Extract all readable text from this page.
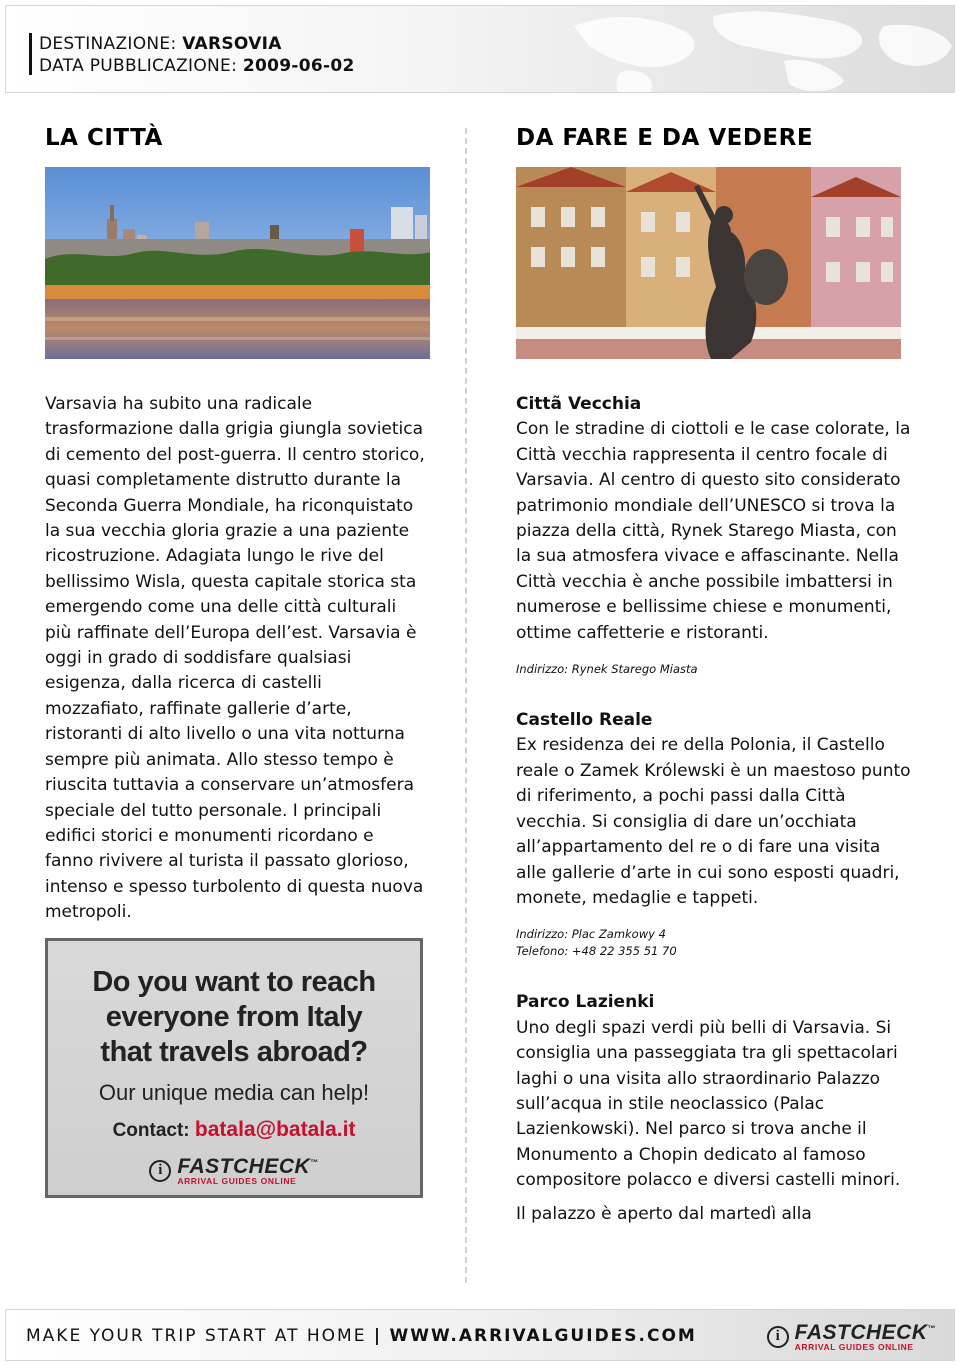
DESTINAZIONE: VARSOVIA
DATA PUBBLICAZIONE: 2009-06-02
LA CITTÀ	DA FARE E DA VEDERE
Varsavia ha subito una radicale trasformazione dalla grigia giungla sovietica di cemento del post-guerra. Il centro storico, quasi completamente distrutto durante la Seconda Guerra Mondiale, ha riconquistato la sua vecchia gloria grazie a una paziente ricostruzione. Adagiata lungo le rive del bellissimo Wisla, questa capitale storica sta emergendo come una delle città culturali più raffinate dell’Europa dell’est. Varsavia è oggi in grado di soddisfare qualsiasi esigenza, dalla ricerca di castelli mozzafiato, raffinate gallerie d’arte, ristoranti di alto livello o una vita notturna sempre più animata. Allo stesso tempo è riuscita tuttavia a conservare un’atmosfera speciale del tutto personale. I principali edifici storici e monumenti ricordano e fanno rivivere al turista il passato glorioso, intenso e spesso turbolento di questa nuova metropoli.
Do you want to reach
everyone from Italy
that travels abroad?
Our unique media can help!
Contact: batala@batala.it
i FASTCHECK™
ARRIVAL GUIDES ONLINE
Cittã Vecchia
Con le stradine di ciottoli e le case colorate, la Città vecchia rappresenta il centro focale di Varsavia. Al centro di questo sito considerato patrimonio mondiale dell’UNESCO si trova la piazza della città, Rynek Starego Miasta, con la sua atmosfera vivace e affascinante. Nella Città vecchia è anche possibile imbattersi in numerose e bellissime chiese e monumenti, ottime caffetterie e ristoranti.
Indirizzo: Rynek Starego Miasta
Castello Reale
Ex residenza dei re della Polonia, il Castello reale o Zamek Królewski è un maestoso punto di riferimento, a pochi passi dalla Città vecchia. Si consiglia di dare un’occhiata all’appartamento del re o di fare una visita alle gallerie d’arte in cui sono esposti quadri, monete, medaglie e tappeti.
Indirizzo: Plac Zamkowy 4
Telefono: +48 22 355 51 70
Parco Lazienki
Uno degli spazi verdi più belli di Varsavia. Si consiglia una passeggiata tra gli spettacolari laghi o una visita allo straordinario Palazzo sull’acqua in stile neoclassico (Palac Lazienkowski). Nel parco si trova anche il Monumento a Chopin dedicato al famoso compositore polacco e diversi castelli minori.
Il palazzo è aperto dal martedì alla
MAKE YOUR TRIP START AT HOME | WWW.ARRIVALGUIDES.COM	i FASTCHECK™
ARRIVAL GUIDES ONLINE
